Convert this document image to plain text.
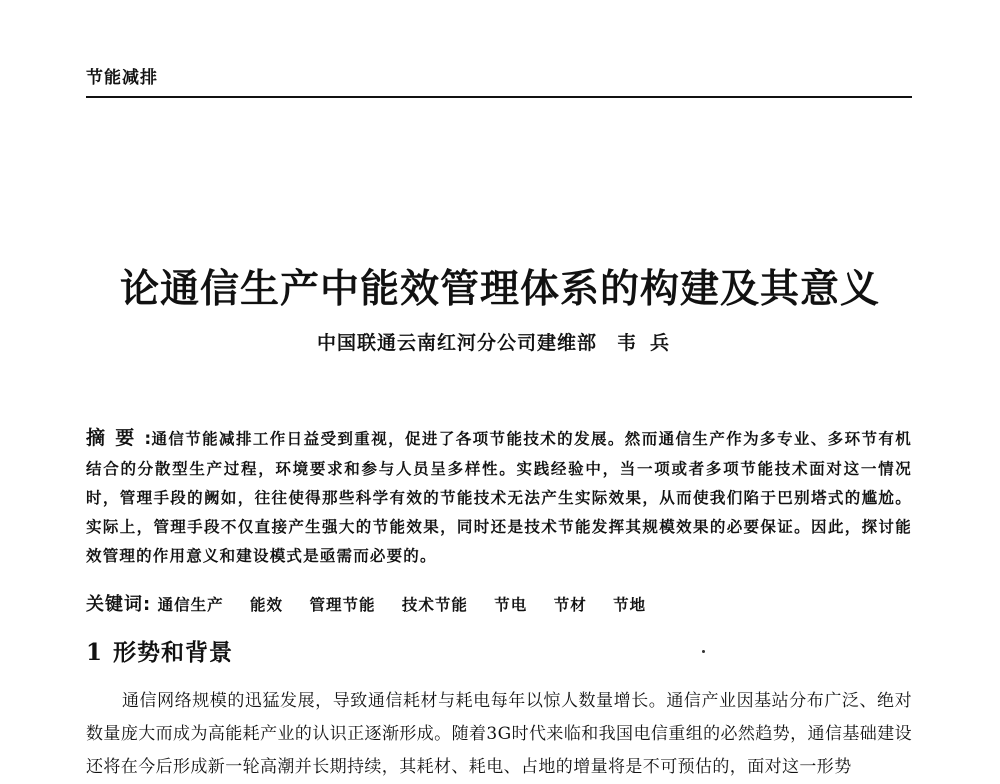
节能减排
论通信生产中能效管理体系的构建及其意义
中国联通云南红河分公司建维部 韦兵
摘要:通信节能减排工作日益受到重视，促进了各项节能技术的发展。然而通信生产作为多专业、多环节有机结合的分散型生产过程，环境要求和参与人员呈多样性。实践经验中，当一项或者多项节能技术面对这一情况时，管理手段的阙如，往往使得那些科学有效的节能技术无法产生实际效果，从而使我们陷于巴别塔式的尴尬。实际上，管理手段不仅直接产生强大的节能效果，同时还是技术节能发挥其规模效果的必要保证。因此，探讨能效管理的作用意义和建设模式是亟需而必要的。
关键词: 通信生产 能效 管理节能 技术节能 节电 节材 节地
1 形势和背景
通信网络规模的迅猛发展，导致通信耗材与耗电每年以惊人数量增长。通信产业因基站分布广泛、绝对数量庞大而成为高能耗产业的认识正逐渐形成。随着3G时代来临和我国电信重组的必然趋势，通信基础建设还将在今后形成新一轮高潮并长期持续，其耗材、耗电、占地的增量将是不可预估的，面对这一形势
